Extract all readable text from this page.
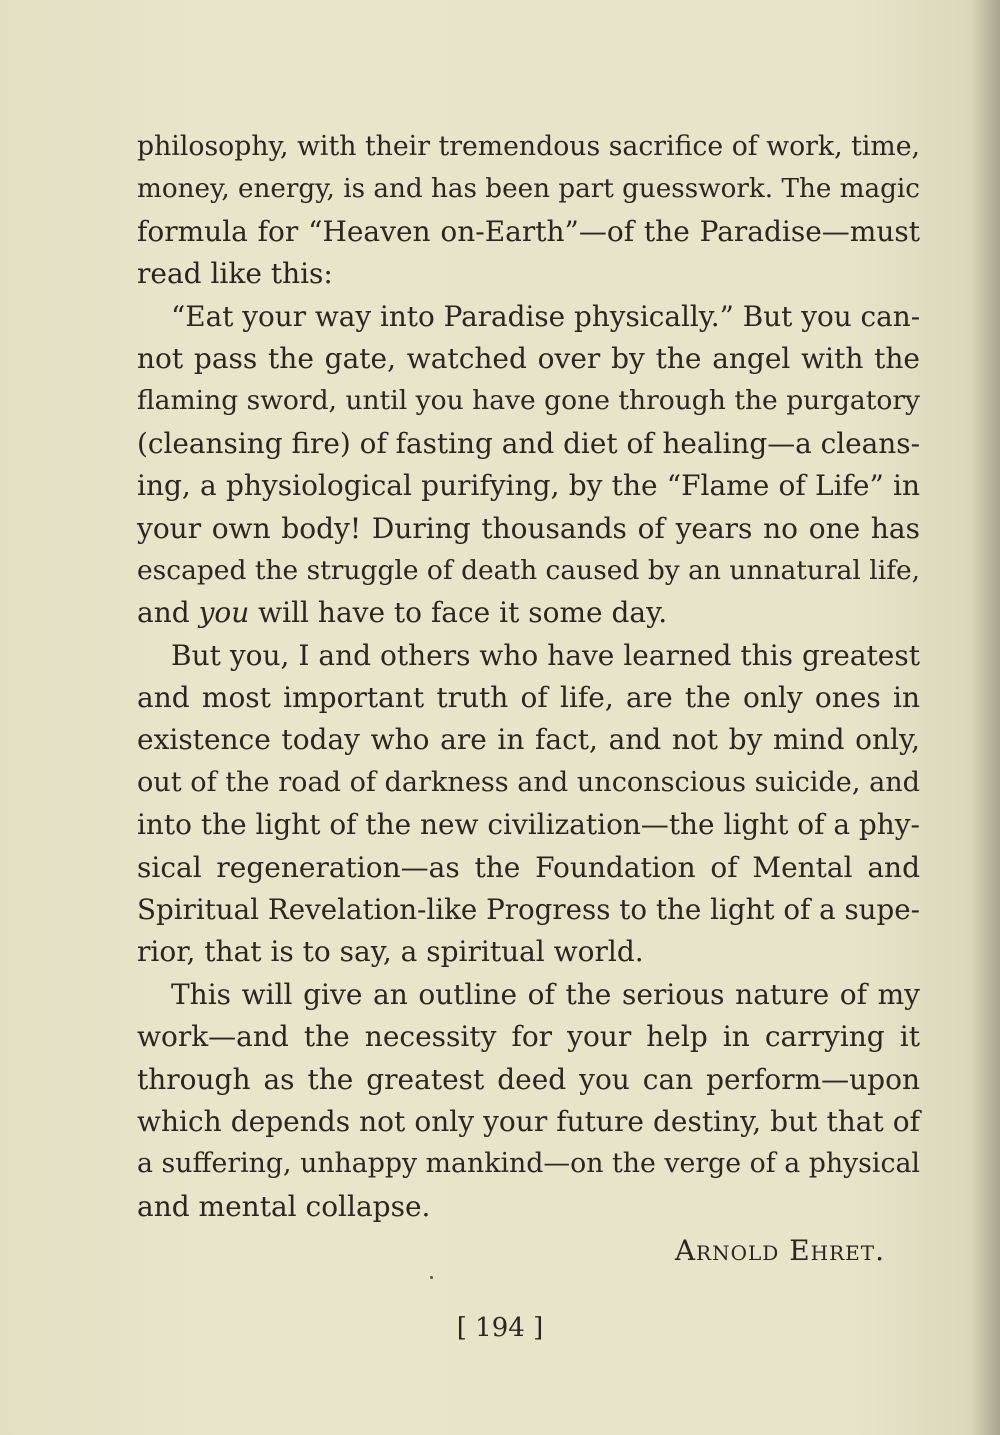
philosophy, with their tremendous sacrifice of work, time,
money, energy, is and has been part guesswork. The magic
formula for “Heaven on-Earth”—of the Paradise—must
read like this:
“Eat your way into Paradise physically.” But you can-
not pass the gate, watched over by the angel with the
flaming sword, until you have gone through the purgatory
(cleansing fire) of fasting and diet of healing—a cleans-
ing, a physiological purifying, by the “Flame of Life” in
your own body! During thousands of years no one has
escaped the struggle of death caused by an unnatural life,
and you will have to face it some day.
But you, I and others who have learned this greatest
and most important truth of life, are the only ones in
existence today who are in fact, and not by mind only,
out of the road of darkness and unconscious suicide, and
into the light of the new civilization—the light of a phy-
sical regeneration—as the Foundation of Mental and
Spiritual Revelation-like Progress to the light of a supe-
rior, that is to say, a spiritual world.
This will give an outline of the serious nature of my
work—and the necessity for your help in carrying it
through as the greatest deed you can perform—upon
which depends not only your future destiny, but that of
a suffering, unhappy mankind—on the verge of a physical
and mental collapse.
Arnold Ehret.
[ 194 ]
